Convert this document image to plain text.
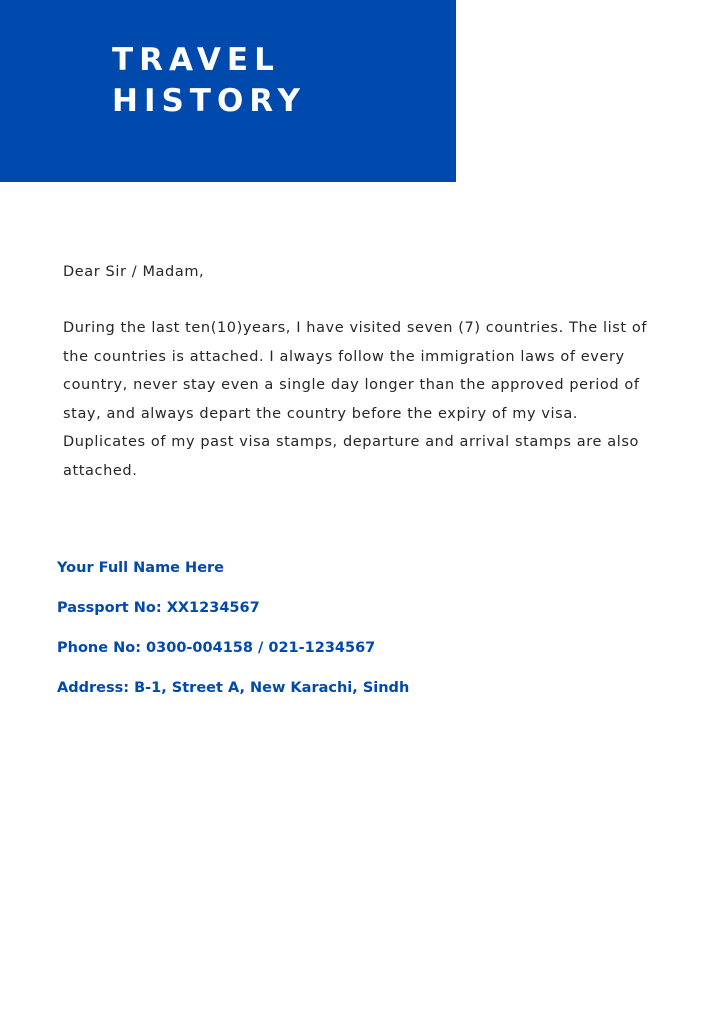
TRAVEL
HISTORY

Dear Sir / Madam,

During the last ten(10)years, I have visited seven (7) countries. The list of the countries is attached. I always follow the immigration laws of every country, never stay even a single day longer than the approved period of stay, and always depart the country before the expiry of my visa. Duplicates of my past visa stamps, departure and arrival stamps are also attached.

Your Full Name Here
Passport No: XX1234567
Phone No: 0300-004158 / 021-1234567
Address: B-1, Street A, New Karachi, Sindh
